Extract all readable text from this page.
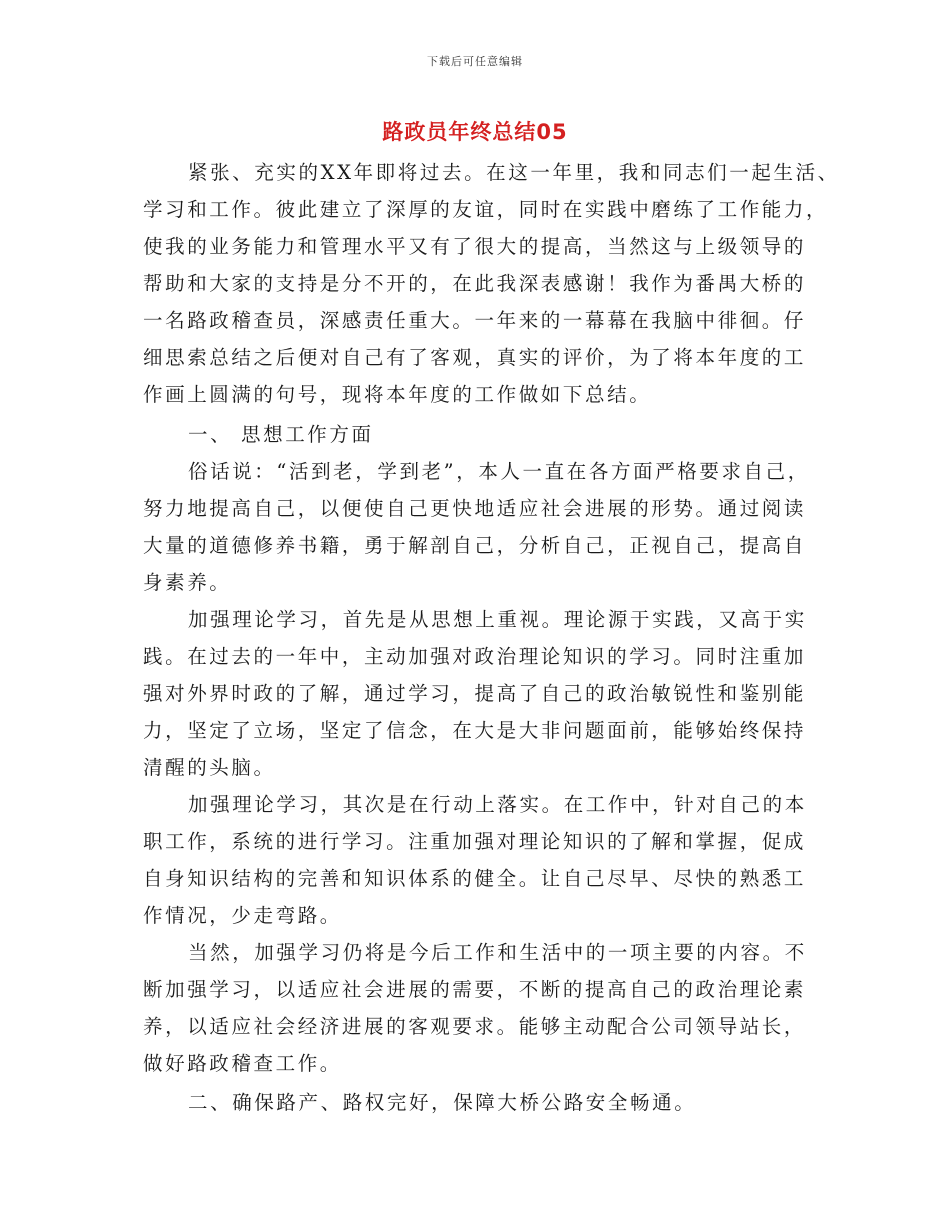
下载后可任意编辑
路政员年终总结05
紧张、充实的XX年即将过去。在这一年里，我和同志们一起生活、
学习和工作。彼此建立了深厚的友谊，同时在实践中磨练了工作能力，
使我的业务能力和管理水平又有了很大的提高，当然这与上级领导的
帮助和大家的支持是分不开的，在此我深表感谢！我作为番禺大桥的
一名路政稽查员，深感责任重大。一年来的一幕幕在我脑中徘徊。仔
细思索总结之后便对自己有了客观，真实的评价，为了将本年度的工
作画上圆满的句号，现将本年度的工作做如下总结。
一、 思想工作方面
俗话说：“活到老，学到老”，本人一直在各方面严格要求自己，
努力地提高自己，以便使自己更快地适应社会进展的形势。通过阅读
大量的道德修养书籍，勇于解剖自己，分析自己，正视自己，提高自
身素养。
加强理论学习，首先是从思想上重视。理论源于实践，又高于实
践。在过去的一年中，主动加强对政治理论知识的学习。同时注重加
强对外界时政的了解，通过学习，提高了自己的政治敏锐性和鉴别能
力，坚定了立场，坚定了信念，在大是大非问题面前，能够始终保持
清醒的头脑。
加强理论学习，其次是在行动上落实。在工作中，针对自己的本
职工作，系统的进行学习。注重加强对理论知识的了解和掌握，促成
自身知识结构的完善和知识体系的健全。让自己尽早、尽快的熟悉工
作情况，少走弯路。
当然，加强学习仍将是今后工作和生活中的一项主要的内容。不
断加强学习，以适应社会进展的需要，不断的提高自己的政治理论素
养，以适应社会经济进展的客观要求。能够主动配合公司领导站长，
做好路政稽查工作。
二、确保路产、路权完好，保障大桥公路安全畅通。
